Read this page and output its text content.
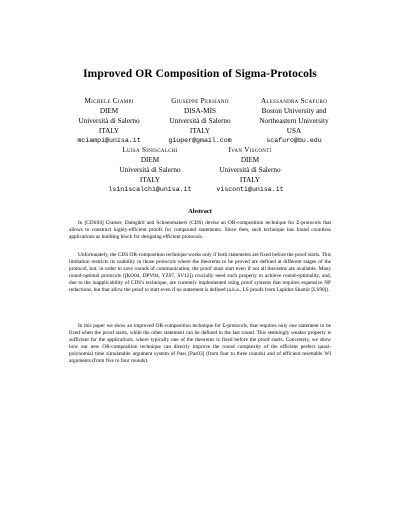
Improved OR Composition of Sigma-Protocols
Michele Ciampi
DIEM
Università di Salerno
ITALY
mciampi@unisa.it
Giuseppe Persiano
DISA-MIS
Università di Salerno
ITALY
giuper@gmail.com
Alessandra Scafuro
Boston University and
Northeastern University
USA
scafuro@bu.edu
Luisa Siniscalchi
DIEM
Università di Salerno
ITALY
lsiniscalchi@unisa.it
Ivan Visconti
DIEM
Università di Salerno
ITALY
visconti@unisa.it
Abstract

In [CDS94] Cramer, Damgård and Schoenmakers (CDS) devise an OR-composition technique for Σ-protocols that allows to construct highly-efficient proofs for compound statements. Since then, such technique has found countless applications as building block for designing efficient protocols.

Unfortunately, the CDS OR-composition technique works only if both statements are fixed before the proof starts. This limitation restricts its usability in those protocols where the theorems to be proved are defined at different stages of the protocol, but, in order to save rounds of communication, the proof must start even if not all theorems are available. Many round-optimal protocols ([KO04, DPV04, YZ07, SV12]) crucially need such property to achieve round-optimality, and, due to the inapplicability of CDS's technique, are currently implemented using proof systems that requires expensive NP reductions, but that allow the proof to start even if no statement is defined (a.k.a., LS proofs from Lapidot-Shamir [LS90]).

In this paper we show an improved OR-composition technique for Σ-protocols, that requires only one statement to be fixed when the proof starts, while the other statement can be defined in the last round. This seemingly weaker property is sufficient for the applications, where typically one of the theorems is fixed before the proof starts. Concretely, we show how our new OR-composition technique can directly improve the round complexity of the efficient perfect quasi-polynomial time simulatable argument system of Pass [Pas03] (from four to three rounds) and of efficient resettable WI arguments (from five to four rounds).
